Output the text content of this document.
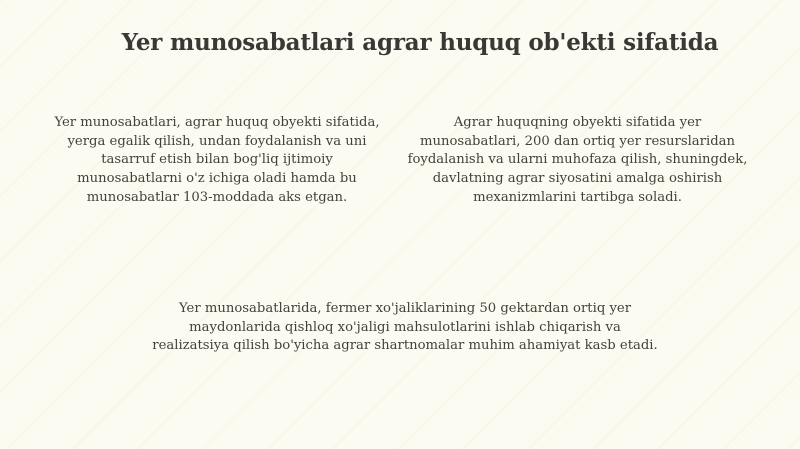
Yer munosabatlari agrar huquq ob'ekti sifatida
Yer munosabatlari, agrar huquq obyekti sifatida, yerga egalik qilish, undan foydalanish va uni tasarruf etish bilan bog'liq ijtimoiy munosabatlarni o'z ichiga oladi hamda bu munosabatlar 103-moddada aks etgan.
Agrar huquqning obyekti sifatida yer munosabatlari, 200 dan ortiq yer resurslaridan foydalanish va ularni muhofaza qilish, shuningdek, davlatning agrar siyosatini amalga oshirish mexanizmlarini tartibga soladi.
Yer munosabatlarida, fermer xo'jaliklarining 50 gektardan ortiq yer maydonlarida qishloq xo'jaligi mahsulotlarini ishlab chiqarish va realizatsiya qilish bo'yicha agrar shartnomalar muhim ahamiyat kasb etadi.
